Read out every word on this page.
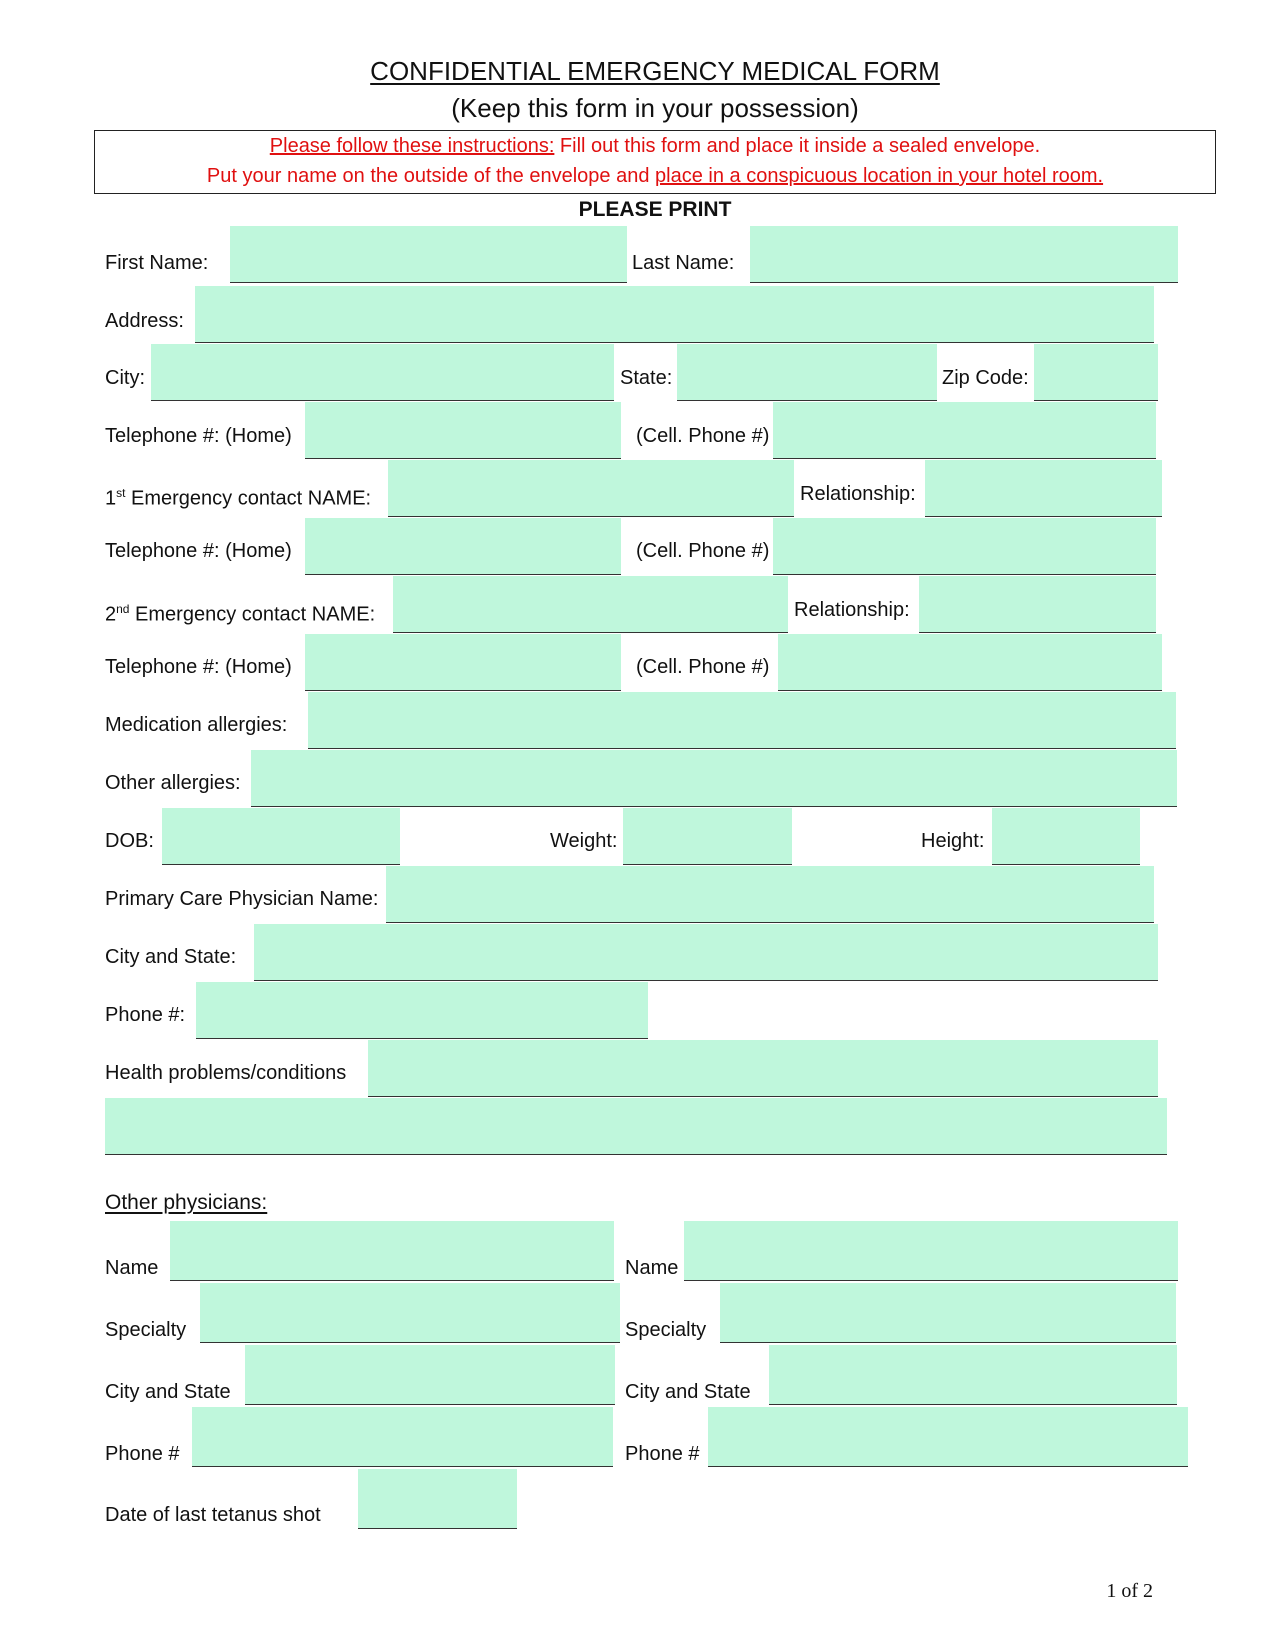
CONFIDENTIAL EMERGENCY MEDICAL FORM
(Keep this form in your possession)
Please follow these instructions: Fill out this form and place it inside a sealed envelope.
Put your name on the outside of the envelope and place in a conspicuous location in your hotel room.
PLEASE PRINT
First Name:	Last Name:
Address:
City:	State:	Zip Code:
Telephone #: (Home)	(Cell. Phone #)
1st Emergency contact NAME:	Relationship:
Telephone #: (Home)	(Cell. Phone #)
2nd Emergency contact NAME:	Relationship:
Telephone #: (Home)	(Cell. Phone #)
Medication allergies:
Other allergies:
DOB:	Weight:	Height:
Primary Care Physician Name:
City and State:
Phone #:
Health problems/conditions
Other physicians:
Name	Name
Specialty	Specialty
City and State	City and State
Phone #	Phone #
Date of last tetanus shot
1 of 2
